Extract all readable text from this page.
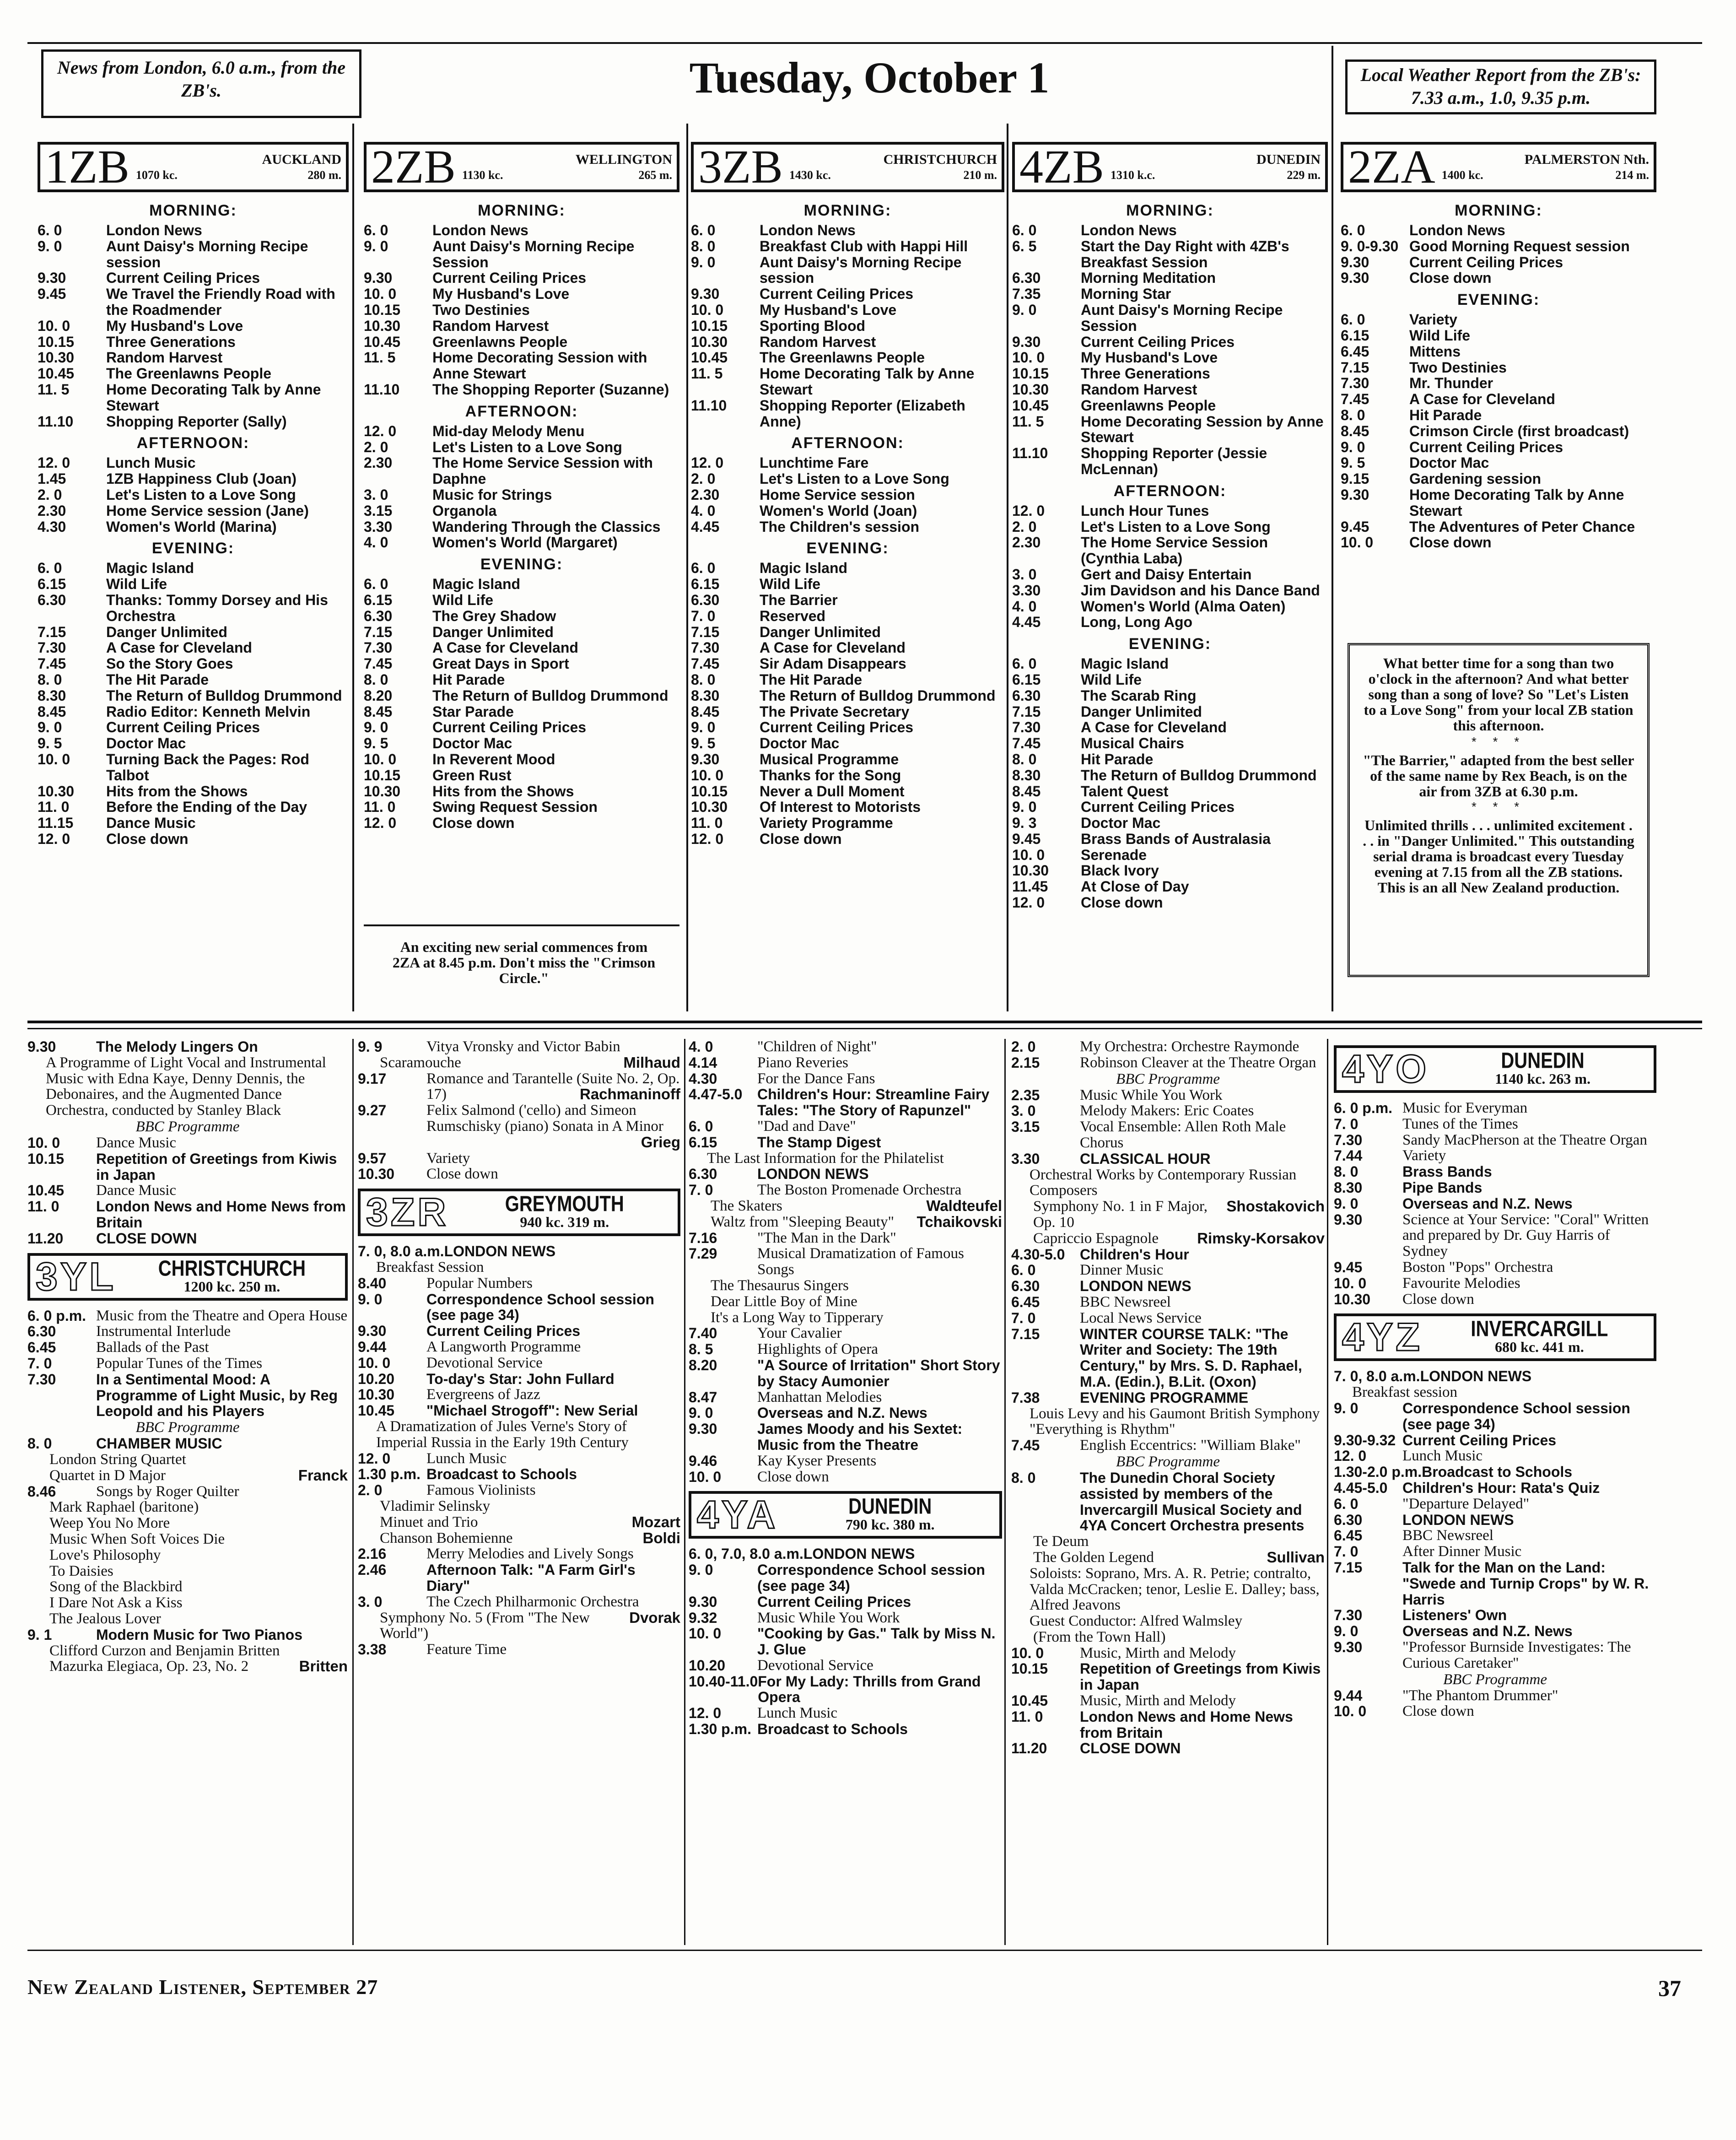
News from London, 6.0 a.m., from the ZB's.	Tuesday, October 1	Local Weather Report from the ZB's: 7.33 a.m., 1.0, 9.35 p.m.
1ZB	AUCKLAND
1070 kc.	280 m.
MORNING:
6. 0	London News
9. 0	Aunt Daisy's Morning Recipe session
9.30	Current Ceiling Prices
9.45	We Travel the Friendly Road with the Roadmender
10. 0	My Husband's Love
10.15	Three Generations
10.30	Random Harvest
10.45	The Greenlawns People
11. 5	Home Decorating Talk by Anne Stewart
11.10	Shopping Reporter (Sally)
AFTERNOON:
12. 0	Lunch Music
1.45	1ZB Happiness Club (Joan)
2. 0	Let's Listen to a Love Song
2.30	Home Service session (Jane)
4.30	Women's World (Marina)
EVENING:
6. 0	Magic Island
6.15	Wild Life
6.30	Thanks: Tommy Dorsey and His Orchestra
7.15	Danger Unlimited
7.30	A Case for Cleveland
7.45	So the Story Goes
8. 0	The Hit Parade
8.30	The Return of Bulldog Drummond
8.45	Radio Editor: Kenneth Melvin
9. 0	Current Ceiling Prices
9. 5	Doctor Mac
10. 0	Turning Back the Pages: Rod Talbot
10.30	Hits from the Shows
11. 0	Before the Ending of the Day
11.15	Dance Music
12. 0	Close down
2ZB	WELLINGTON
1130 kc.	265 m.
MORNING:
6. 0	London News
9. 0	Aunt Daisy's Morning Recipe Session
9.30	Current Ceiling Prices
10. 0	My Husband's Love
10.15	Two Destinies
10.30	Random Harvest
10.45	Greenlawns People
11. 5	Home Decorating Session with Anne Stewart
11.10	The Shopping Reporter (Suzanne)
AFTERNOON:
12. 0	Mid-day Melody Menu
2. 0	Let's Listen to a Love Song
2.30	The Home Service Session with Daphne
3. 0	Music for Strings
3.15	Organola
3.30	Wandering Through the Classics
4. 0	Women's World (Margaret)
EVENING:
6. 0	Magic Island
6.15	Wild Life
6.30	The Grey Shadow
7.15	Danger Unlimited
7.30	A Case for Cleveland
7.45	Great Days in Sport
8. 0	Hit Parade
8.20	The Return of Bulldog Drummond
8.45	Star Parade
9. 0	Current Ceiling Prices
9. 5	Doctor Mac
10. 0	In Reverent Mood
10.15	Green Rust
10.30	Hits from the Shows
11. 0	Swing Request Session
12. 0	Close down
3ZB	CHRISTCHURCH
1430 kc.	210 m.
MORNING:
6. 0	London News
8. 0	Breakfast Club with Happi Hill
9. 0	Aunt Daisy's Morning Recipe session
9.30	Current Ceiling Prices
10. 0	My Husband's Love
10.15	Sporting Blood
10.30	Random Harvest
10.45	The Greenlawns People
11. 5	Home Decorating Talk by Anne Stewart
11.10	Shopping Reporter (Elizabeth Anne)
AFTERNOON:
12. 0	Lunchtime Fare
2. 0	Let's Listen to a Love Song
2.30	Home Service session
4. 0	Women's World (Joan)
4.45	The Children's session
EVENING:
6. 0	Magic Island
6.15	Wild Life
6.30	The Barrier
7. 0	Reserved
7.15	Danger Unlimited
7.30	A Case for Cleveland
7.45	Sir Adam Disappears
8. 0	The Hit Parade
8.30	The Return of Bulldog Drummond
8.45	The Private Secretary
9. 0	Current Ceiling Prices
9. 5	Doctor Mac
9.30	Musical Programme
10. 0	Thanks for the Song
10.15	Never a Dull Moment
10.30	Of Interest to Motorists
11. 0	Variety Programme
12. 0	Close down
4ZB	DUNEDIN
1310 k.c.	229 m.
MORNING:
6. 0	London News
6. 5	Start the Day Right with 4ZB's Breakfast Session
6.30	Morning Meditation
7.35	Morning Star
9. 0	Aunt Daisy's Morning Recipe Session
9.30	Current Ceiling Prices
10. 0	My Husband's Love
10.15	Three Generations
10.30	Random Harvest
10.45	Greenlawns People
11. 5	Home Decorating Session by Anne Stewart
11.10	Shopping Reporter (Jessie McLennan)
AFTERNOON:
12. 0	Lunch Hour Tunes
2. 0	Let's Listen to a Love Song
2.30	The Home Service Session (Cynthia Laba)
3. 0	Gert and Daisy Entertain
3.30	Jim Davidson and his Dance Band
4. 0	Women's World (Alma Oaten)
4.45	Long, Long Ago
EVENING:
6. 0	Magic Island
6.15	Wild Life
6.30	The Scarab Ring
7.15	Danger Unlimited
7.30	A Case for Cleveland
7.45	Musical Chairs
8. 0	Hit Parade
8.30	The Return of Bulldog Drummond
8.45	Talent Quest
9. 0	Current Ceiling Prices
9. 3	Doctor Mac
9.45	Brass Bands of Australasia
10. 0	Serenade
10.30	Black Ivory
11.45	At Close of Day
12. 0	Close down
2ZA	PALMERSTON Nth.
1400 kc.	214 m.
MORNING:
6. 0	London News
9. 0-9.30 Good Morning Request session
9.30	Current Ceiling Prices
9.30	Close down
EVENING:
6. 0	Variety
6.15	Wild Life
6.45	Mittens
7.15	Two Destinies
7.30	Mr. Thunder
7.45	A Case for Cleveland
8. 0	Hit Parade
8.45	Crimson Circle (first broadcast)
9. 0	Current Ceiling Prices
9. 5	Doctor Mac
9.15	Gardening session
9.30	Home Decorating Talk by Anne Stewart
9.45	The Adventures of Peter Chance
10. 0	Close down
An exciting new serial commences from 2ZA at 8.45 p.m. Don't miss the "Crimson Circle."
What better time for a song than two o'clock in the afternoon? And what better song than a song of love? So "Let's Listen to a Love Song" from your local ZB station this afternoon.
* * *
"The Barrier," adapted from the best seller of the same name by Rex Beach, is on the air from 3ZB at 6.30 p.m.
* * *
Unlimited thrills . . . unlimited excitement . . . in "Danger Unlimited." This outstanding serial drama is broadcast every Tuesday evening at 7.15 from all the ZB stations. This is an all New Zealand production.
9.30	The Melody Lingers On
A Programme of Light Vocal and Instrumental Music with Edna Kaye, Denny Dennis, the Debonaires, and the Augmented Dance Orchestra, conducted by Stanley Black
BBC Programme
10. 0	Dance Music
10.15	Repetition of Greetings from Kiwis in Japan
10.45	Dance Music
11. 0	London News and Home News from Britain
11.20	CLOSE DOWN
3YL	CHRISTCHURCH
1200 kc. 250 m.
6. 0 p.m. Music from the Theatre and Opera House
6.30	Instrumental Interlude
6.45	Ballads of the Past
7. 0	Popular Tunes of the Times
7.30	In a Sentimental Mood: A Programme of Light Music, by Reg Leopold and his Players
BBC Programme
8. 0	CHAMBER MUSIC
London String Quartet
Quartet in D Major	Franck
8.46	Songs by Roger Quilter
Mark Raphael (baritone)
Weep You No More
Music When Soft Voices Die
Love's Philosophy
To Daisies
Song of the Blackbird
I Dare Not Ask a Kiss
The Jealous Lover
9. 1	Modern Music for Two Pianos
Clifford Curzon and Benjamin Britten
Mazurka Elegiaca, Op. 23, No. 2	Britten
9. 9	Vitya Vronsky and Victor Babin
Scaramouche	Milhaud
9.17	Romance and Tarantelle (Suite No. 2, Op. 17)	Rachmaninoff
9.27	Felix Salmond ('cello) and Simeon Rumschisky (piano) Sonata in A Minor
Grieg
9.57	Variety
10.30	Close down
3ZR	GREYMOUTH
940 kc. 319 m.
7. 0, 8.0 a.m. LONDON NEWS
Breakfast Session
8.40	Popular Numbers
9. 0	Correspondence School session (see page 34)
9.30	Current Ceiling Prices
9.44	A Langworth Programme
10. 0	Devotional Service
10.20	To-day's Star: John Fullard
10.30	Evergreens of Jazz
10.45	"Michael Strogoff": New Serial
A Dramatization of Jules Verne's Story of Imperial Russia in the Early 19th Century
12. 0	Lunch Music
1.30 p.m. Broadcast to Schools
2. 0	Famous Violinists
Vladimir Selinsky
Minuet and Trio	Mozart
Chanson Bohemienne	Boldi
2.16	Merry Melodies and Lively Songs
2.46	Afternoon Talk: "A Farm Girl's Diary"
3. 0	The Czech Philharmonic Orchestra
Symphony No. 5 (From "The New World")
Dvorak
3.38	Feature Time
4. 0	"Children of Night"
4.14	Piano Reveries
4.30	For the Dance Fans
4.47-5.0	Children's Hour: Streamline Fairy Tales: "The Story of Rapunzel"
6. 0	"Dad and Dave"
6.15	The Stamp Digest
The Last Information for the Philatelist
6.30	LONDON NEWS
7. 0	The Boston Promenade Orchestra
The Skaters	Waldteufel
Waltz from "Sleeping Beauty"	Tchaikovski
7.16	"The Man in the Dark"
7.29	Musical Dramatization of Famous Songs
The Thesaurus Singers
Dear Little Boy of Mine
It's a Long Way to Tipperary
7.40	Your Cavalier
8. 5	Highlights of Opera
8.20	"A Source of Irritation" Short Story by Stacy Aumonier
8.47	Manhattan Melodies
9. 0	Overseas and N.Z. News
9.30	James Moody and his Sextet: Music from the Theatre
9.46	Kay Kyser Presents
10. 0	Close down
4YA	DUNEDIN
790 kc. 380 m.
6. 0, 7.0, 8.0 a.m. LONDON NEWS
9. 0	Correspondence School session (see page 34)
9.30	Current Ceiling Prices
9.32	Music While You Work
10. 0	"Cooking by Gas." Talk by Miss N. J. Glue
10.20	Devotional Service
10.40-11.0 For My Lady: Thrills from Grand Opera
12. 0	Lunch Music
1.30 p.m. Broadcast to Schools
2. 0	My Orchestra: Orchestre Raymonde
2.15	Robinson Cleaver at the Theatre Organ
BBC Programme
2.35	Music While You Work
3. 0	Melody Makers: Eric Coates
3.15	Vocal Ensemble: Allen Roth Male Chorus
3.30	CLASSICAL HOUR
Orchestral Works by Contemporary Russian Composers
Symphony No. 1 in F Major, Op. 10
Shostakovich
Capriccio Espagnole	Rimsky-Korsakov
4.30-5.0	Children's Hour
6. 0	Dinner Music
6.30	LONDON NEWS
6.45	BBC Newsreel
7. 0	Local News Service
7.15	WINTER COURSE TALK: "The Writer and Society: The 19th Century," by Mrs. S. D. Raphael, M.A. (Edin.), B.Lit. (Oxon)
7.38	EVENING PROGRAMME
Louis Levy and his Gaumont British Symphony "Everything is Rhythm"
7.45	English Eccentrics: "William Blake"
BBC Programme
8. 0	The Dunedin Choral Society assisted by members of the Invercargill Musical Society and 4YA Concert Orchestra presents
Te Deum
The Golden Legend	Sullivan
Soloists: Soprano, Mrs. A. R. Petrie; contralto, Valda McCracken; tenor, Leslie E. Dalley; bass, Alfred Jeavons
Guest Conductor: Alfred Walmsley
(From the Town Hall)
10. 0	Music, Mirth and Melody
10.15	Repetition of Greetings from Kiwis in Japan
10.45	Music, Mirth and Melody
11. 0	London News and Home News from Britain
11.20	CLOSE DOWN
4YO	DUNEDIN
1140 kc. 263 m.
6. 0 p.m. Music for Everyman
7. 0	Tunes of the Times
7.30	Sandy MacPherson at the Theatre Organ
7.44	Variety
8. 0	Brass Bands
8.30	Pipe Bands
9. 0	Overseas and N.Z. News
9.30	Science at Your Service: "Coral" Written and prepared by Dr. Guy Harris of Sydney
9.45	Boston "Pops" Orchestra
10. 0	Favourite Melodies
10.30	Close down
4YZ	INVERCARGILL
680 kc. 441 m.
7. 0, 8.0 a.m. LONDON NEWS
Breakfast session
9. 0	Correspondence School session (see page 34)
9.30-9.32 Current Ceiling Prices
12. 0	Lunch Music
1.30-2.0 p.m. Broadcast to Schools
4.45-5.0	Children's Hour: Rata's Quiz
6. 0	"Departure Delayed"
6.30	LONDON NEWS
6.45	BBC Newsreel
7. 0	After Dinner Music
7.15	Talk for the Man on the Land: "Swede and Turnip Crops" by W. R. Harris
7.30	Listeners' Own
9. 0	Overseas and N.Z. News
9.30	"Professor Burnside Investigates: The Curious Caretaker"
BBC Programme
9.44	"The Phantom Drummer"
10. 0	Close down
New Zealand Listener, September 27	37
